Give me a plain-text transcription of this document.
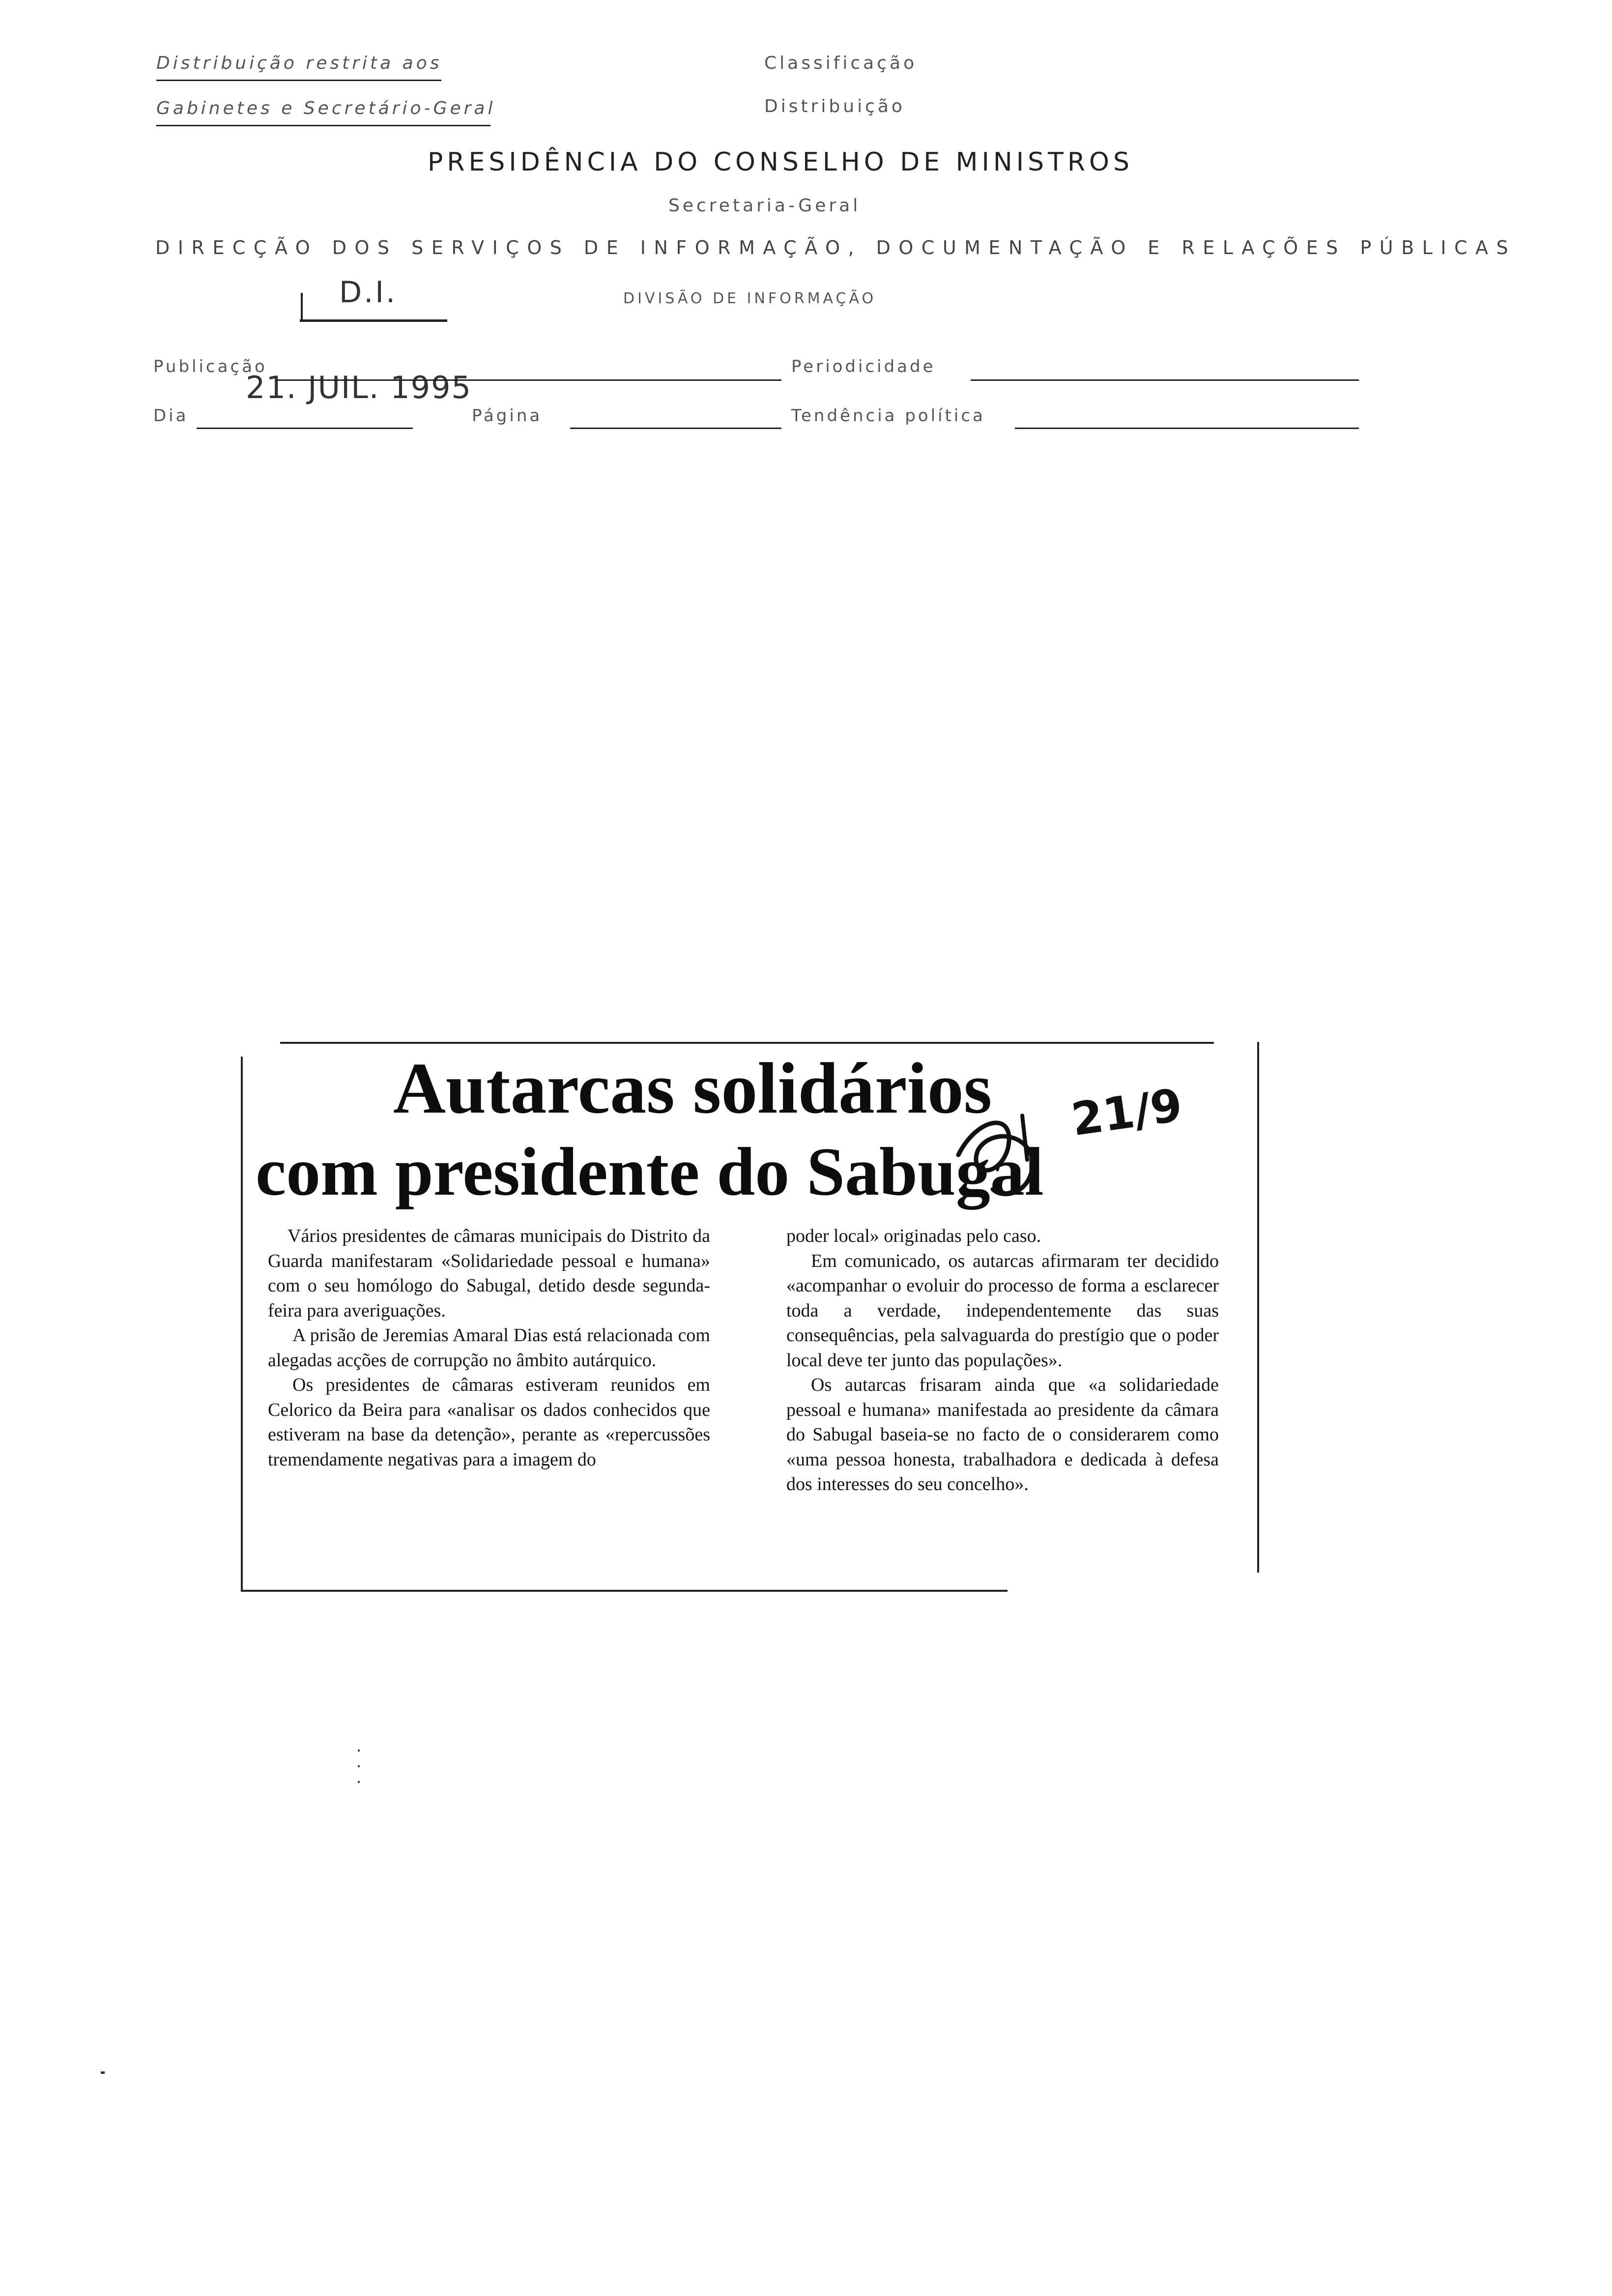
Distribuição restrita aos
Gabinetes e Secretário-Geral
Classificação
Distribuição
PRESIDÊNCIA DO CONSELHO DE MINISTROS
Secretaria-Geral
DIRECÇÃO DOS SERVIÇOS DE INFORMAÇÃO, DOCUMENTAÇÃO E RELAÇÕES PÚBLICAS
D.I.	DIVISÃO DE INFORMAÇÃO
Publicação
21. JUIL. 1995
Periodicidade
Dia	Página	Tendência política
Autarcas solidários
com presidente do Sabugal
21/9

Vários presidentes de câmaras municipais do Distrito da Guarda manifestaram «Solidariedade pessoal e humana» com o seu homólogo do Sabugal, detido desde segunda-feira para averiguações.

A prisão de Jeremias Amaral Dias está relacionada com alegadas acções de corrupção no âmbito autárquico.

Os presidentes de câmaras estiveram reunidos em Celorico da Beira para «analisar os dados conhecidos que estiveram na base da detenção», perante as «repercussões tremendamente negativas para a imagem do

poder local» originadas pelo caso.

Em comunicado, os autarcas afirmaram ter decidido «acompanhar o evoluir do processo de forma a esclarecer toda a verdade, independentemente das suas consequências, pela salvaguarda do prestígio que o poder local deve ter junto das populações».

Os autarcas frisaram ainda que «a solidariedade pessoal e humana» manifestada ao presidente da câmara do Sabugal baseia-se no facto de o considerarem como «uma pessoa honesta, trabalhadora e dedicada à defesa dos interesses do seu concelho».
